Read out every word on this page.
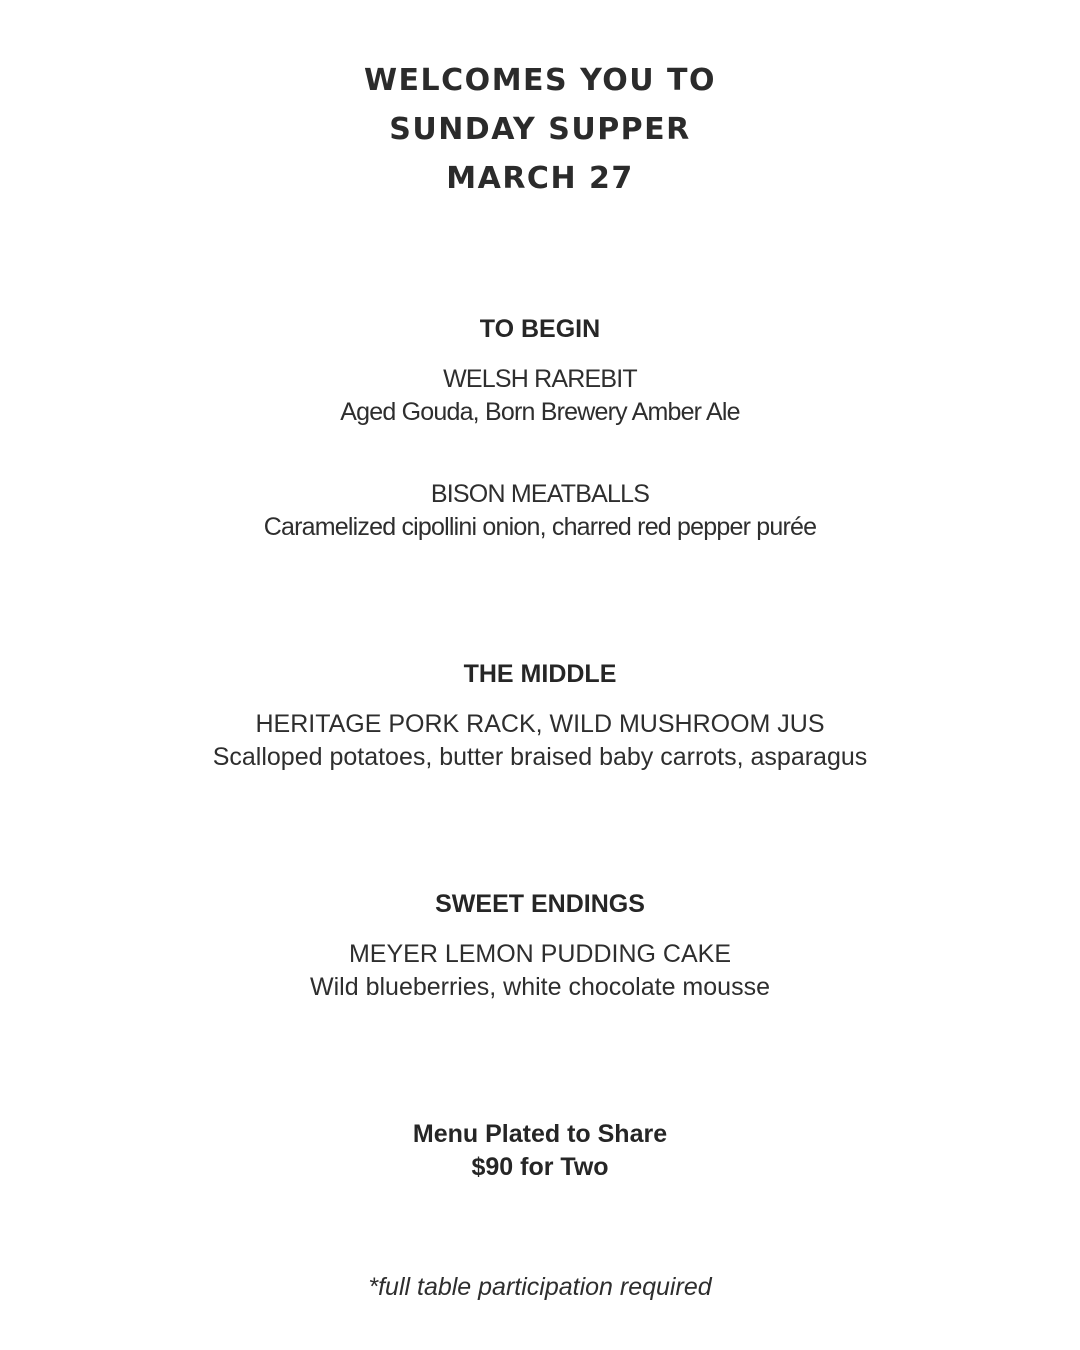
WELCOMES YOU TO
SUNDAY SUPPER
MARCH 27
TO BEGIN
WELSH RAREBIT
Aged Gouda, Born Brewery Amber Ale
BISON MEATBALLS
Caramelized cipollini onion, charred red pepper purée
THE MIDDLE
HERITAGE PORK RACK, WILD MUSHROOM JUS
Scalloped potatoes, butter braised baby carrots, asparagus
SWEET ENDINGS
MEYER LEMON PUDDING CAKE
Wild blueberries, white chocolate mousse
Menu Plated to Share
$90 for Two
*full table participation required
